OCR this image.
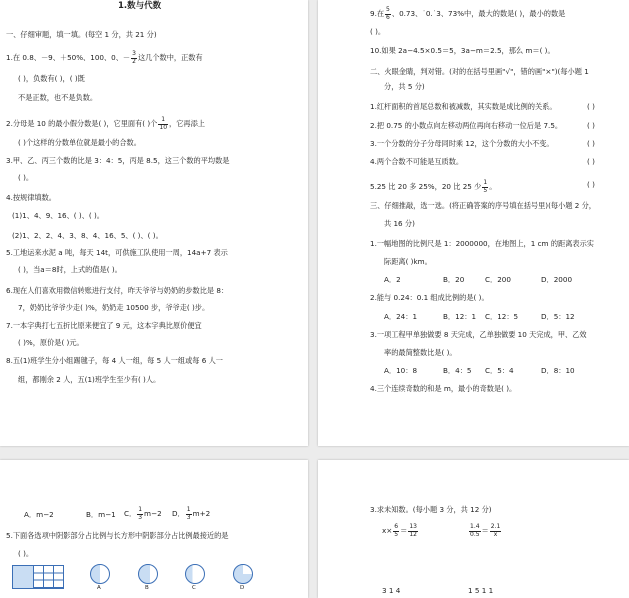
1.数与代数
一、仔细审题，填一填。(每空 1 分，共 21 分)
1.在 0.8、－9、＋50%、100、0、－ $\frac{3}{2}$ 这几个数中，正数有
( )，负数有( )，( )既
不是正数，也不是负数。
2.分母是 10 的最小假分数是( )，它里面有( )个 $\frac{1}{10}$ ，它再添上
( )个这样的分数单位就是最小的合数。
3.甲、乙、丙三个数的比是 3：4：5，丙是 8.5，这三个数的平均数是
( )。
4.按规律填数。
(1)1、4、9、16、( )、( )。
(2)1、2、2、4、3、8、4、16、5、( )、( )。
5.工地运来水泥 a 吨，每天 14t，可供施工队使用一周，14a+7 表示
( )，当a＝8时，上式的值是( )。
6.现在人们喜欢用微信转账进行支付，昨天爷爷与奶奶的步数比是 8：
7，奶奶比爷爷少走( )%，奶奶走 10500 步，爷爷走( )步。
7.一本字典打七五折比原来便宜了 9 元，这本字典比原价便宜
( )%，原价是( )元。
8.五(1)班学生分小组踢毽子，每 4 人一组，每 5 人一组或每 6 人一
组，都刚余 2 人，五(1)班学生至少有( )人。
9.在 $\frac{5}{6}$ 、0.73、˙0.˙3、73%中，最大的数是( )，最小的数是
( )。
10.如果 2a−4.5×0.5＝5，3a−m＝2.5，那么 m＝( )。
二、火眼金睛，判对错。(对的在括号里画"√"，错的画"×")(每小题 1
分，共 5 分)
1.红杆面积的首尾总数和被减数，其实数是成比例的关系。	( )
2.把 0.75 的小数点向左移动两位再向右移动一位后是 7.5。	( )
3.一个分数的分子分母同时乘 12，这个分数的大小不变。	( )
4.两个合数不可能是互质数。	( )
5.25 比 20 多 25%，20 比 25 少 $\frac{1}{5}$ 。	( )
三、仔细推敲，选一选。(将正确答案的序号填在括号里)(每小题 2 分，
共 16 分)
1.一幅地图的比例尺是 1：2000000，在地图上，1 cm 的距离表示实
际距离( )km。
A．2	B．20	C．200	D．2000
2.能与 0.24：0.1 组成比例的是( )。
A．24：1	B．12：1 C．12：5	D．5：12
3.一项工程甲单独做要 8 天完成，乙单独做要 10 天完成，甲、乙效
率的最简整数比是( )。
A．10：8	B．4：5 C．5：4	D．8：10
4.三个连续奇数的和是 m，最小的奇数是( )。
A．m−2	B．m−1 C． $\frac{1}{3} m-2$ D． $\frac{1}{3} m+2$
5.下面各选项中阴影部分占比例与长方形中阴影部分占比例最接近的是
( )。
A	B	C	D
3.求未知数。(每小题 3 分，共 12 分)
$x\times \frac{6}{5} = \frac{13}{12}$	$\frac{1.4}{0.5} = \frac{2.1}{x}$
3 1 4	1 5 1 1
